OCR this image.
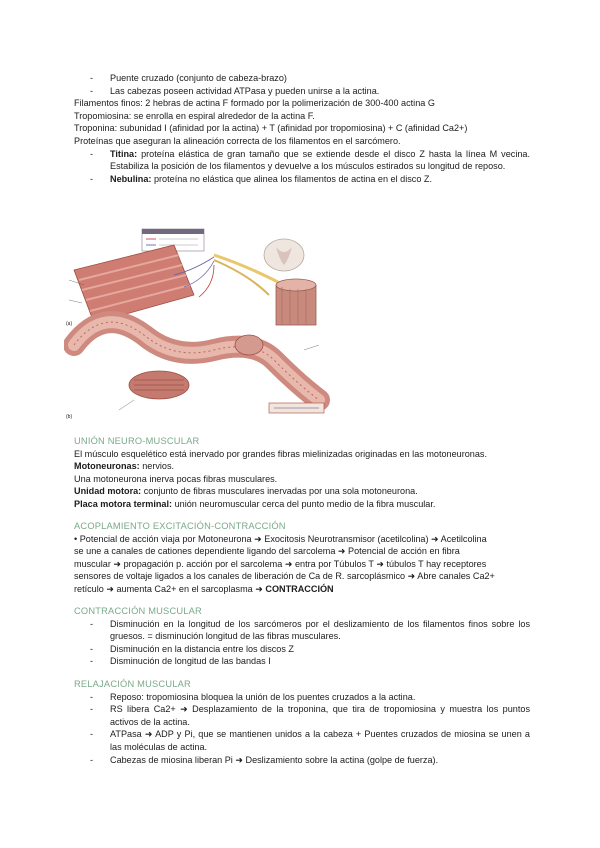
- Puente cruzado (conjunto de cabeza-brazo)
- Las cabezas poseen actividad ATPasa y pueden unirse a la actina.
Filamentos finos: 2 hebras de actina F formado por la polimerización de 300-400 actina G
Tropomiosina: se enrolla en espiral alrededor de la actina F.
Troponina: subunidad I (afinidad por la actina) + T (afinidad por tropomiosina) + C (afinidad Ca2+)
Proteínas que aseguran la alineación correcta de los filamentos en el sarcómero.
- Titina: proteína elástica de gran tamaño que se extiende desde el disco Z hasta la línea M vecina. Estabiliza la posición de los filamentos y devuelve a los músculos estirados su longitud de reposo.
- Nebulina: proteína no elástica que alinea los filamentos de actina en el disco Z.
(a)
(b)
UNIÓN NEURO-MUSCULAR
El músculo esquelético está inervado por grandes fibras mielinizadas originadas en las motoneuronas.
Motoneuronas: nervios.
Una motoneurona inerva pocas fibras musculares.
Unidad motora: conjunto de fibras musculares inervadas por una sola motoneurona.
Placa motora terminal: unión neuromuscular cerca del punto medio de la fibra muscular.
ACOPLAMIENTO EXCITACIÓN-CONTRACCIÓN
• Potencial de acción viaja por Motoneurona ➜ Exocitosis Neurotransmisor (acetilcolina) ➜ Acetilcolina
se une a canales de cationes dependiente ligando del sarcolema ➜ Potencial de acción en fibra
muscular ➜ propagación p. acción por el sarcolema ➜ entra por Túbulos T ➜ túbulos T hay receptores
sensores de voltaje ligados a los canales de liberación de Ca de R. sarcoplásmico ➜ Abre canales Ca2+
retículo ➜ aumenta Ca2+ en el sarcoplasma ➜ CONTRACCIÓN
CONTRACCIÓN MUSCULAR
- Disminución en la longitud de los sarcómeros por el deslizamiento de los filamentos finos sobre los gruesos. = disminución longitud de las fibras musculares.
- Disminución en la distancia entre los discos Z
- Disminución de longitud de las bandas I
RELAJACIÓN MUSCULAR
- Reposo: tropomiosina bloquea la unión de los puentes cruzados a la actina.
- RS libera Ca2+ ➜ Desplazamiento de la troponina, que tira de tropomiosina y muestra los puntos activos de la actina.
- ATPasa ➜ ADP y Pi, que se mantienen unidos a la cabeza + Puentes cruzados de miosina se unen a las moléculas de actina.
- Cabezas de miosina liberan Pi ➜ Deslizamiento sobre la actina (golpe de fuerza).
